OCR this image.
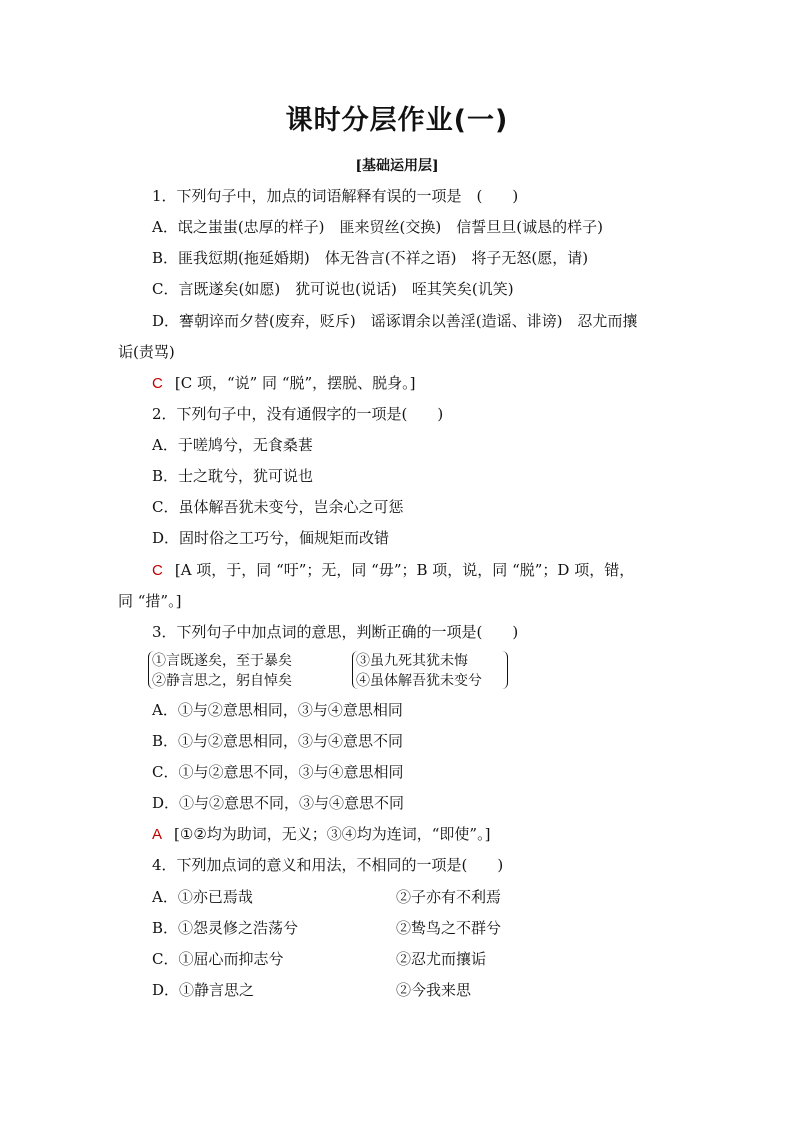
课时分层作业(一)
[基础运用层]
1．下列句子中，加点的词语解释有误的一项是　(　　)
A．氓之蚩蚩(忠厚的样子)　匪来贸丝(交换)　信誓旦旦(诚恳的样子)
B．匪我愆期(拖延婚期)　体无咎言(不祥之语)　将子无怒(愿，请)
C．言既遂矣(如愿)　犹可说也(说话)　咥其笑矣(讥笑)
D．謇朝谇而夕替(废弃，贬斥)　谣诼谓余以善淫(造谣、诽谤)　忍尤而攘
诟(责骂)
C [C 项，“说” 同 “脱”，摆脱、脱身。]
2．下列句子中，没有通假字的一项是(　　)
A．于嗟鸠兮，无食桑葚
B．士之耽兮，犹可说也
C．虽体解吾犹未变兮，岂余心之可惩
D．固时俗之工巧兮，偭规矩而改错
C [A 项，于，同 “吁”；无，同 “毋”；B 项，说，同 “脱”；D 项，错，
同 “措”。]
3．下列句子中加点词的意思，判断正确的一项是(　　)
①言既遂矣，至于暴矣
②静言思之，躬自悼矣
③虽九死其犹未悔
④虽体解吾犹未变兮
A．①与②意思相同，③与④意思相同
B．①与②意思相同，③与④意思不同
C．①与②意思不同，③与④意思相同
D．①与②意思不同，③与④意思不同
A [①②均为助词，无义；③④均为连词，“即使”。]
4．下列加点词的意义和用法，不相同的一项是(　　)
A．①亦已焉哉	②子亦有不利焉
B．①怨灵修之浩荡兮	②鸷鸟之不群兮
C．①屈心而抑志兮	②忍尤而攘诟
D．①静言思之	②今我来思
